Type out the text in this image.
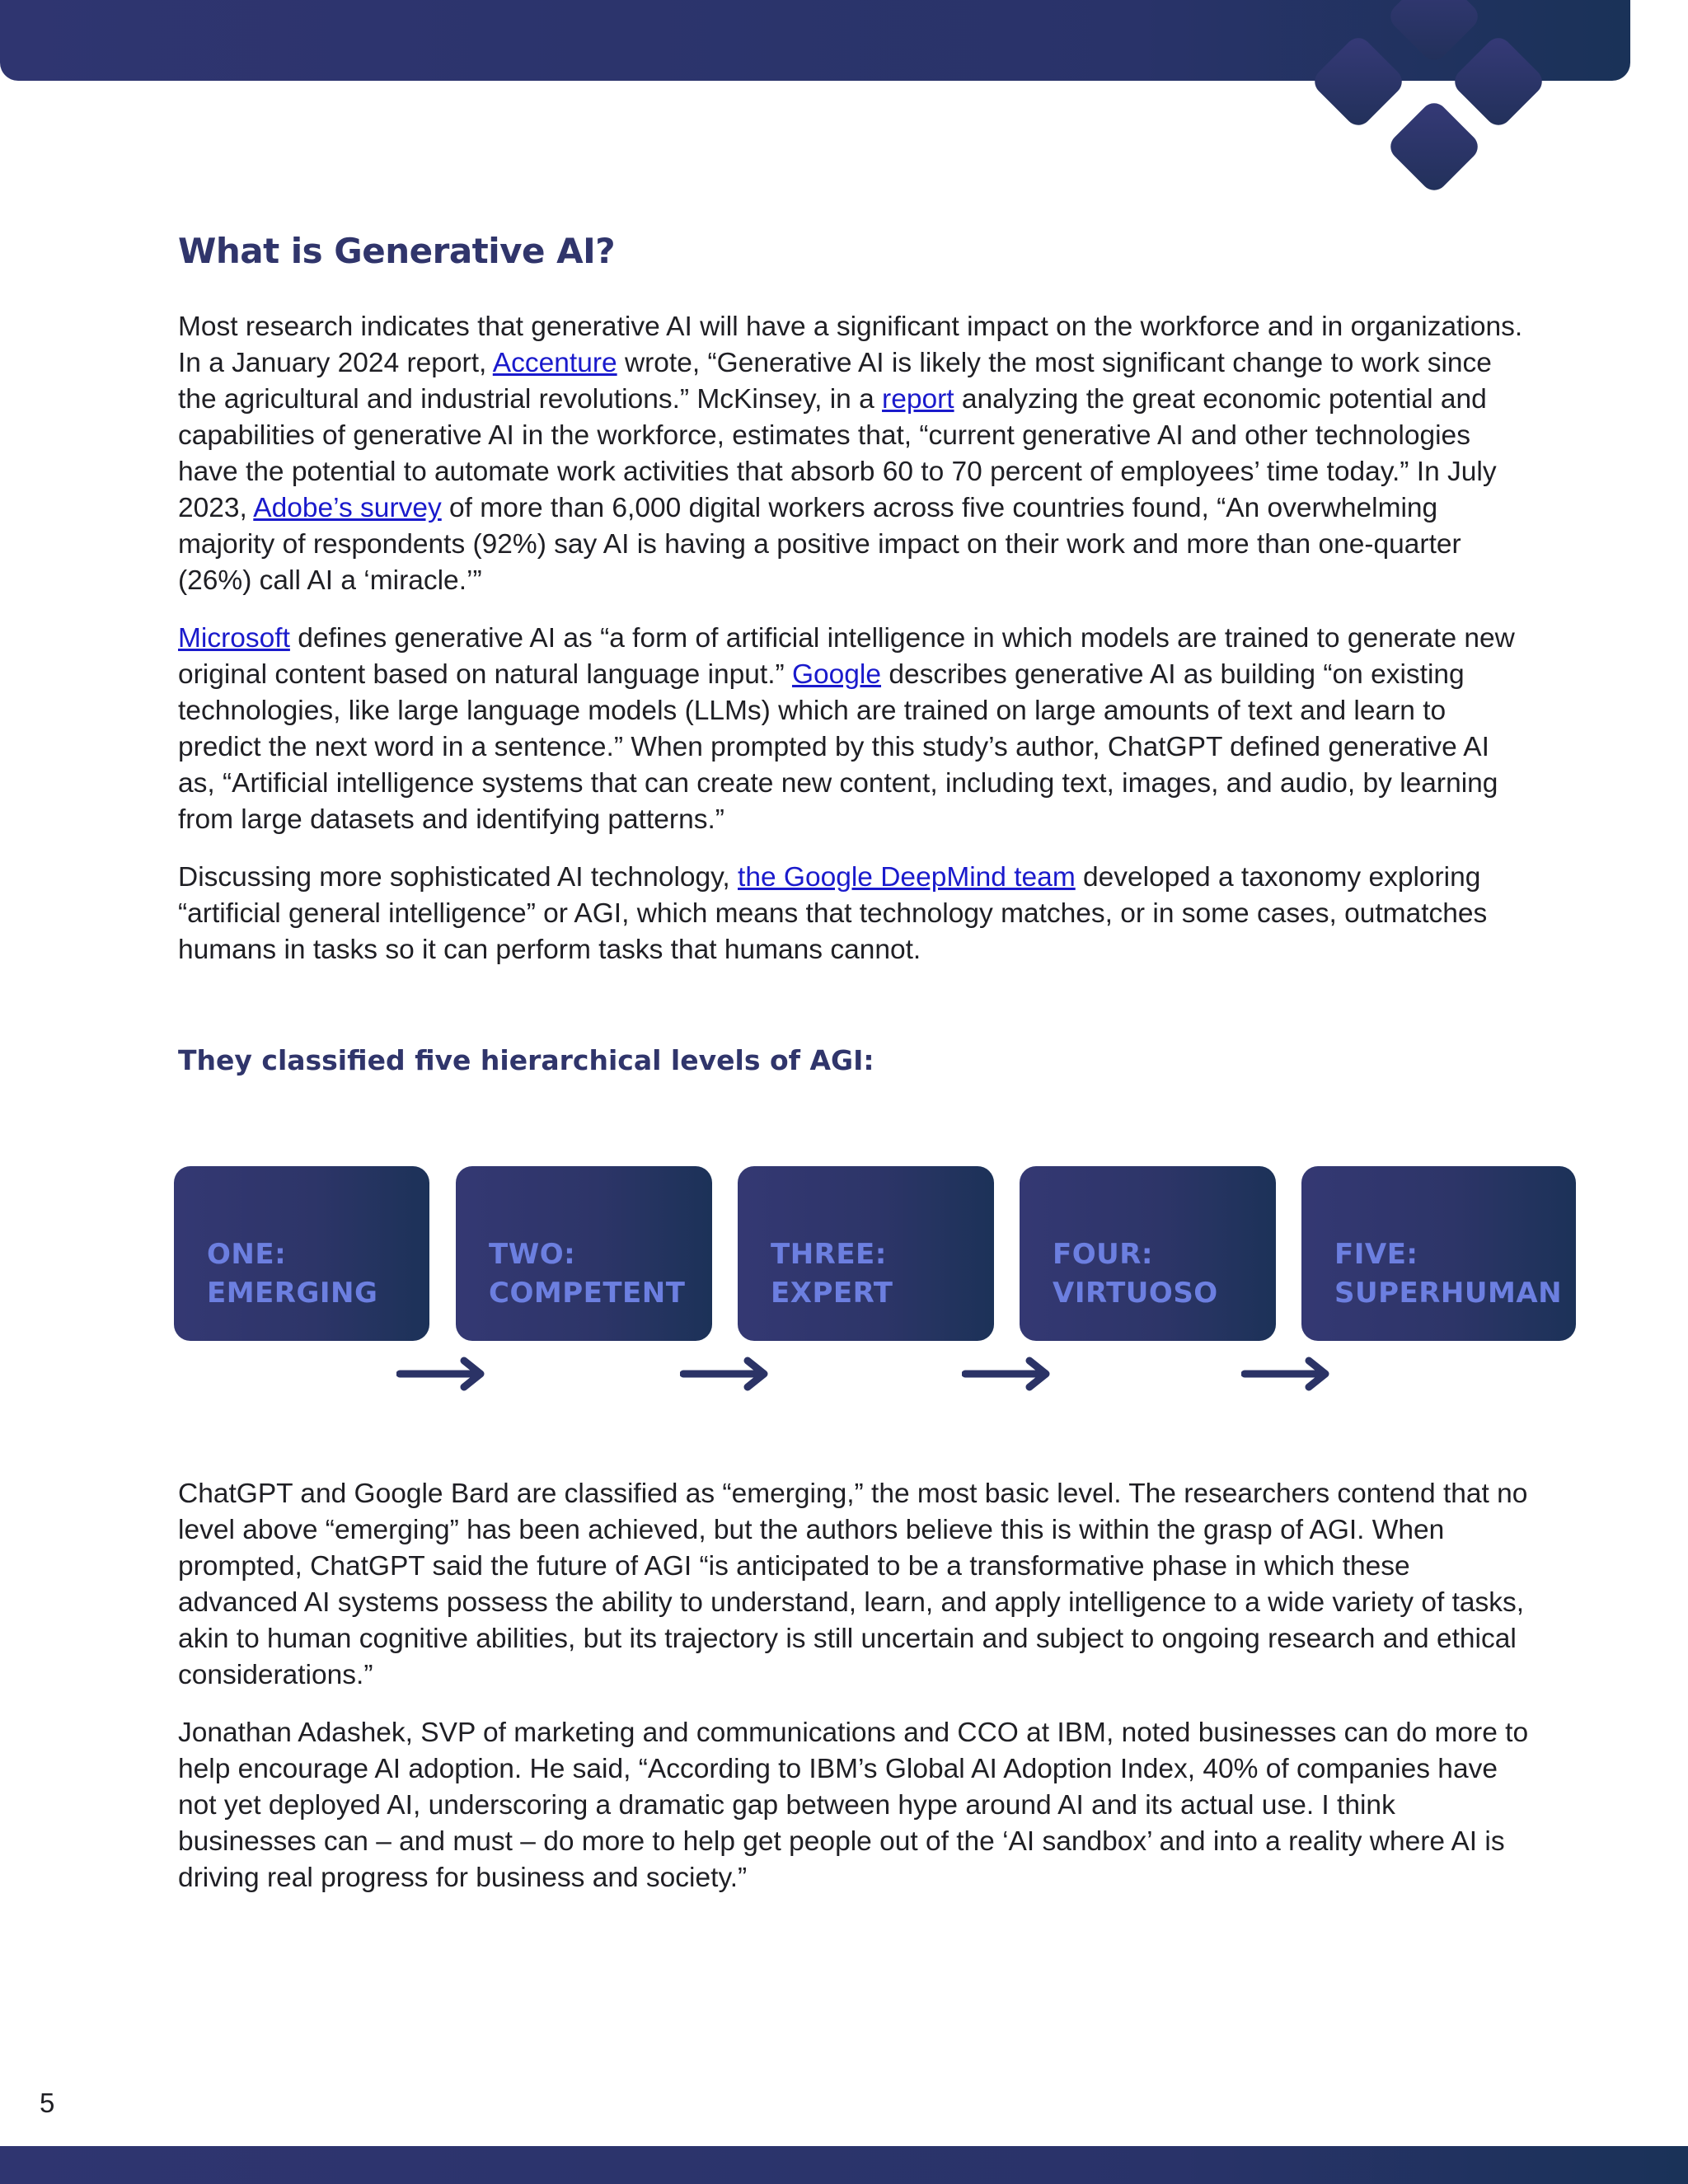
What is Generative AI?

Most research indicates that generative AI will have a significant impact on the workforce and in organizations. In a January 2024 report, Accenture wrote, “Generative AI is likely the most significant change to work since the agricultural and industrial revolutions.” McKinsey, in a report analyzing the great economic potential and capabilities of generative AI in the workforce, estimates that, “current generative AI and other technologies have the potential to automate work activities that absorb 60 to 70 percent of employees’ time today.” In July 2023, Adobe’s survey of more than 6,000 digital workers across five countries found, “An overwhelming majority of respondents (92%) say AI is having a positive impact on their work and more than one-quarter (26%) call AI a ‘miracle.’”

Microsoft defines generative AI as “a form of artificial intelligence in which models are trained to generate new original content based on natural language input.” Google describes generative AI as building “on existing technologies, like large language models (LLMs) which are trained on large amounts of text and learn to predict the next word in a sentence.” When prompted by this study’s author, ChatGPT defined generative AI as, “Artificial intelligence systems that can create new content, including text, images, and audio, by learning from large datasets and identifying patterns.”

Discussing more sophisticated AI technology, the Google DeepMind team developed a taxonomy exploring “artificial general intelligence” or AGI, which means that technology matches, or in some cases, outmatches humans in tasks so it can perform tasks that humans cannot.

They classified five hierarchical levels of AGI:
ONE:
EMERGING
TWO:
COMPETENT
THREE:
EXPERT
FOUR:
VIRTUOSO
FIVE:
SUPERHUMAN

ChatGPT and Google Bard are classified as “emerging,” the most basic level. The researchers contend that no level above “emerging” has been achieved, but the authors believe this is within the grasp of AGI. When prompted, ChatGPT said the future of AGI “is anticipated to be a transformative phase in which these advanced AI systems possess the ability to understand, learn, and apply intelligence to a wide variety of tasks, akin to human cognitive abilities, but its trajectory is still uncertain and subject to ongoing research and ethical considerations.”

Jonathan Adashek, SVP of marketing and communications and CCO at IBM, noted businesses can do more to help encourage AI adoption. He said, “According to IBM’s Global AI Adoption Index, 40% of companies have not yet deployed AI, underscoring a dramatic gap between hype around AI and its actual use. I think businesses can – and must – do more to help get people out of the ‘AI sandbox’ and into a reality where AI is driving real progress for business and society.”

5
